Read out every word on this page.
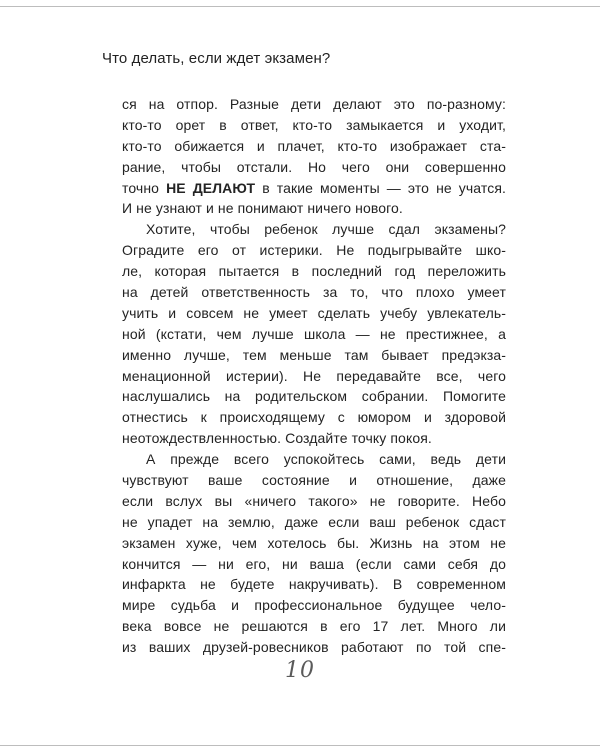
Что делать, если ждет экзамен?
ся на отпор. Разные дети делают это по-разному:
кто-то орет в ответ, кто-то замыкается и уходит,
кто-то обижается и плачет, кто-то изображает ста-
рание, чтобы отстали. Но чего они совершенно
точно НЕ ДЕЛАЮТ в такие моменты — это не учатся.
И не узнают и не понимают ничего нового.
Хотите, чтобы ребенок лучше сдал экзамены?
Оградите его от истерики. Не подыгрывайте шко-
ле, которая пытается в последний год переложить
на детей ответственность за то, что плохо умеет
учить и совсем не умеет сделать учебу увлекатель-
ной (кстати, чем лучше школа — не престижнее, а
именно лучше, тем меньше там бывает предэкза-
менационной истерии). Не передавайте все, чего
наслушались на родительском собрании. Помогите
отнестись к происходящему с юмором и здоровой
неотождествленностью. Создайте точку покоя.
А прежде всего успокойтесь сами, ведь дети
чувствуют ваше состояние и отношение, даже
если вслух вы «ничего такого» не говорите. Небо
не упадет на землю, даже если ваш ребенок сдаст
экзамен хуже, чем хотелось бы. Жизнь на этом не
кончится — ни его, ни ваша (если сами себя до
инфаркта не будете накручивать). В современном
мире судьба и профессиональное будущее чело-
века вовсе не решаются в его 17 лет. Много ли
из ваших друзей-ровесников работают по той спе-
10
